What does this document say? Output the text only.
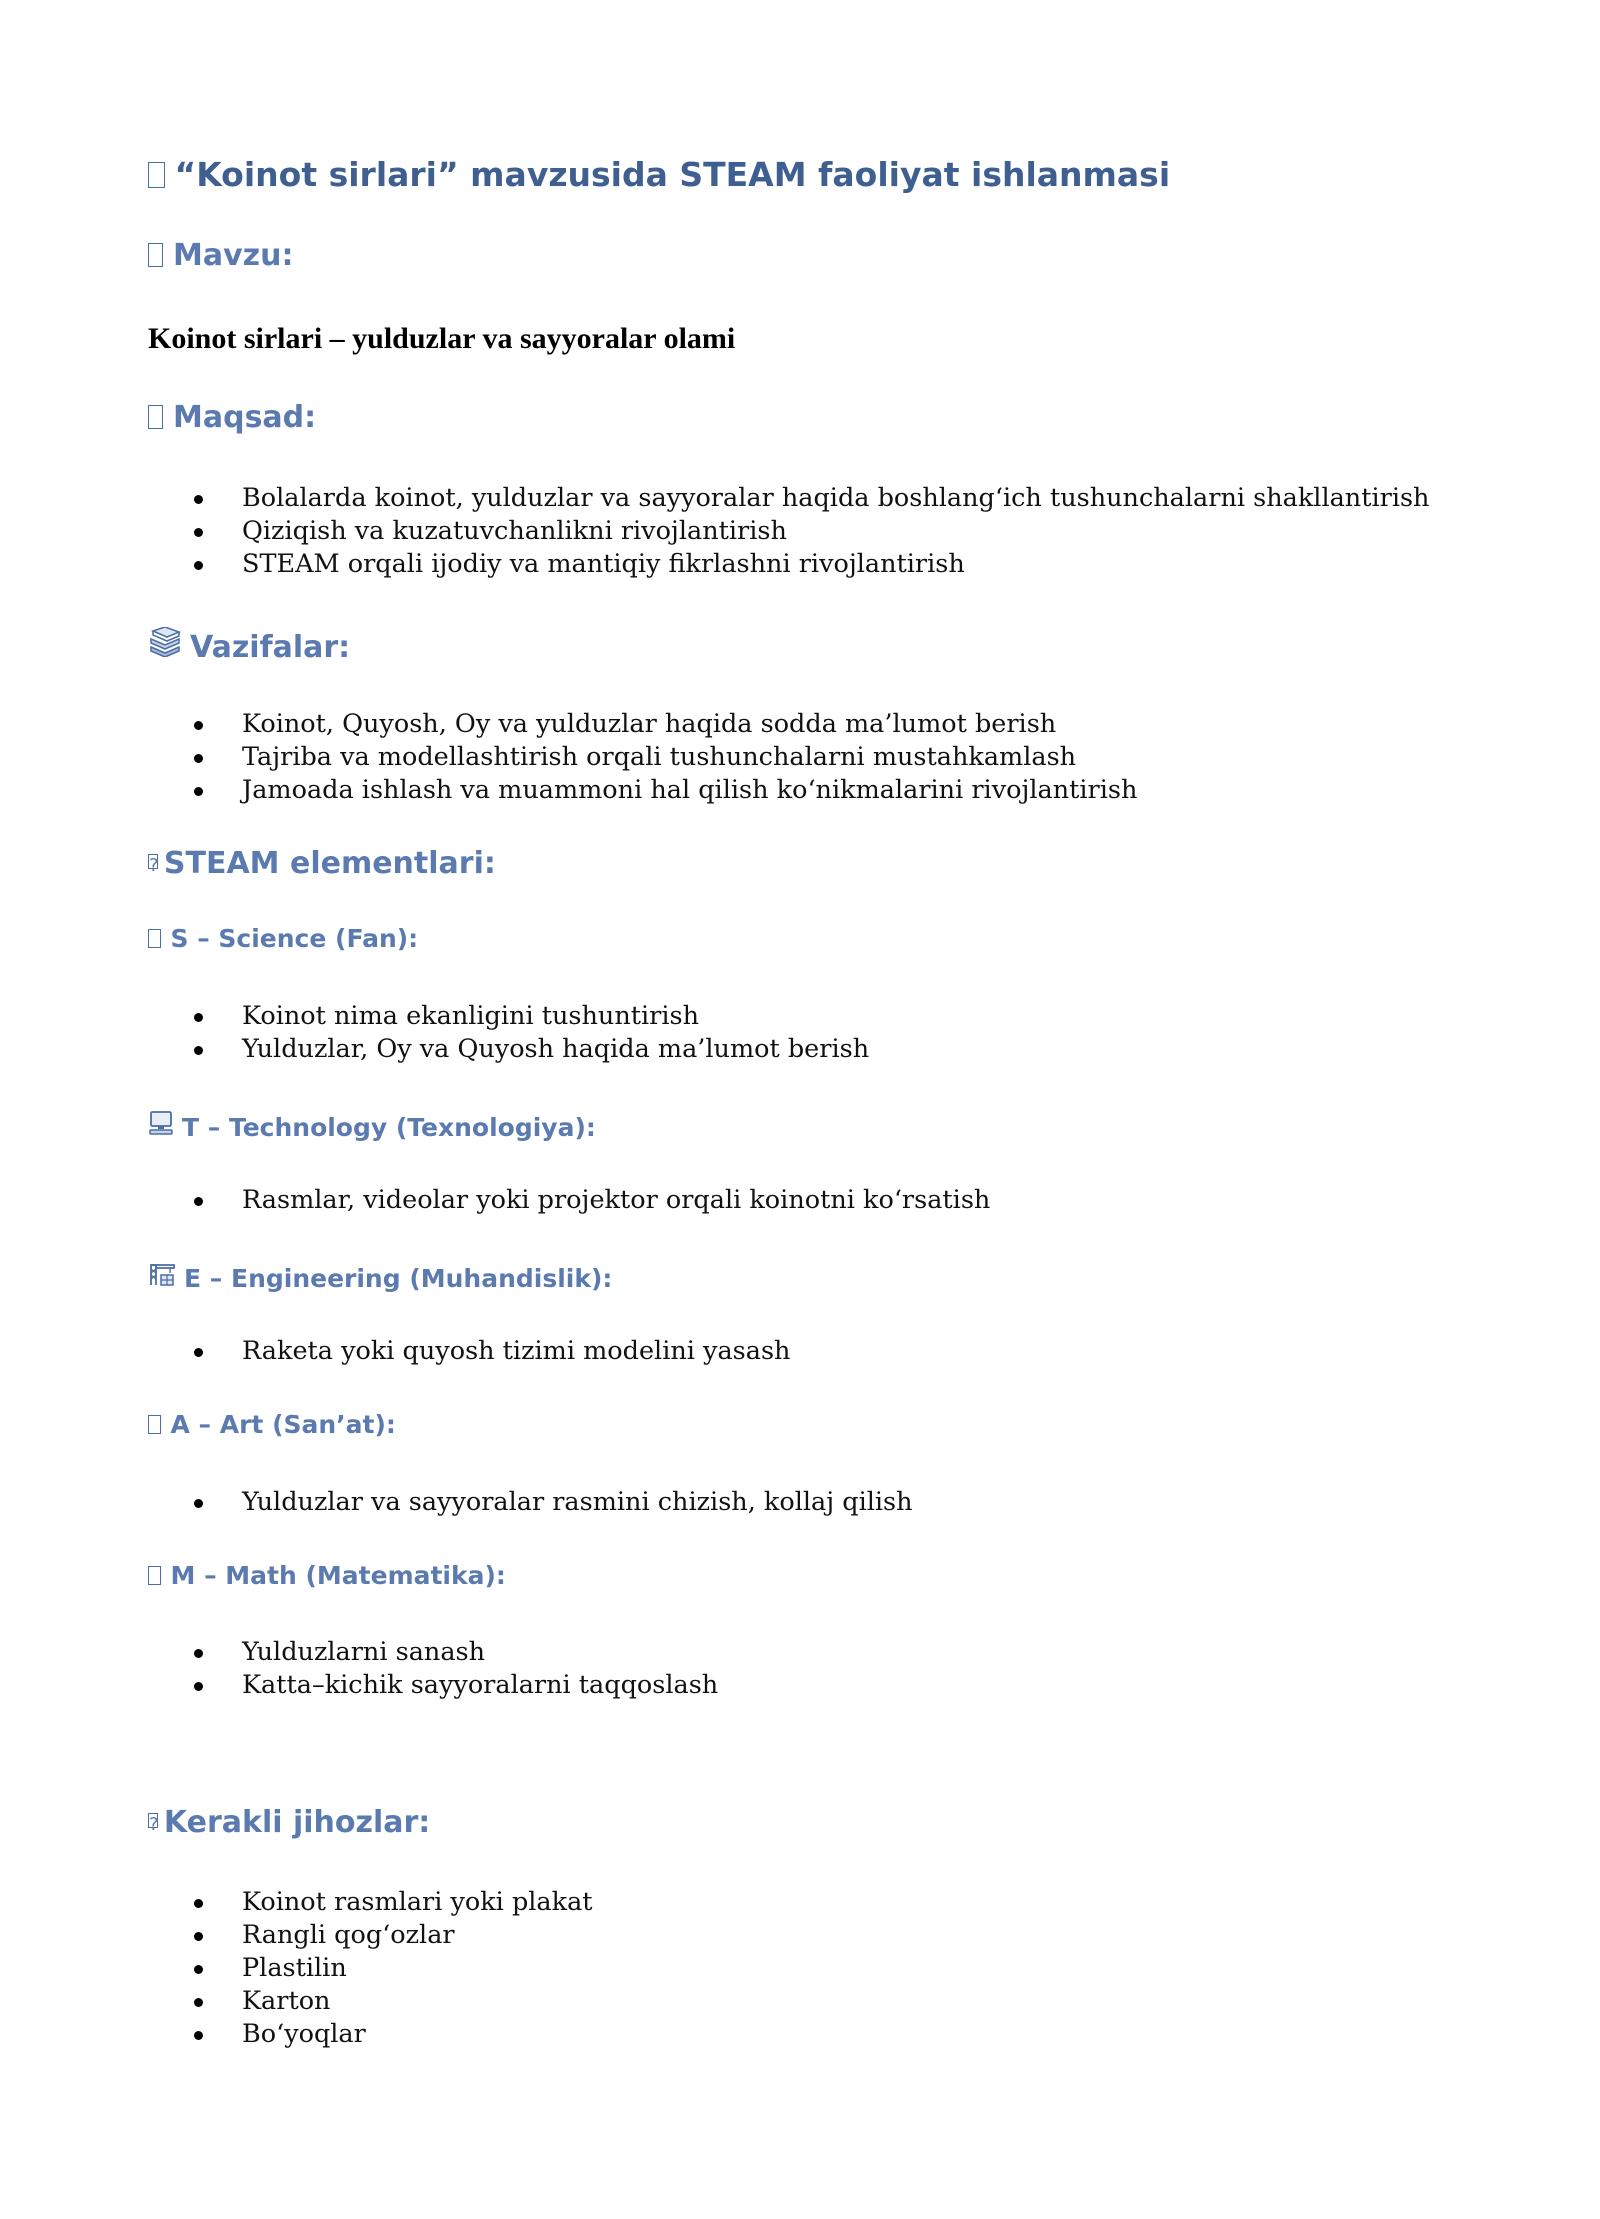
“Koinot sirlari” mavzusida STEAM faoliyat ishlanmasi
Mavzu:
Koinot sirlari – yulduzlar va sayyoralar olami
Maqsad:
Bolalarda koinot, yulduzlar va sayyoralar haqida boshlang‘ich tushunchalarni shakllantirish
Qiziqish va kuzatuvchanlikni rivojlantirish
STEAM orqali ijodiy va mantiqiy fikrlashni rivojlantirish
Vazifalar:
Koinot, Quyosh, Oy va yulduzlar haqida sodda ma’lumot berish
Tajriba va modellashtirish orqali tushunchalarni mustahkamlash
Jamoada ishlash va muammoni hal qilish ko‘nikmalarini rivojlantirish
? STEAM elementlari:
S – Science (Fan):
Koinot nima ekanligini tushuntirish
Yulduzlar, Oy va Quyosh haqida ma’lumot berish
T – Technology (Texnologiya):
Rasmlar, videolar yoki projektor orqali koinotni ko‘rsatish
E – Engineering (Muhandislik):
Raketa yoki quyosh tizimi modelini yasash
A – Art (San’at):
Yulduzlar va sayyoralar rasmini chizish, kollaj qilish
M – Math (Matematika):
Yulduzlarni sanash
Katta–kichik sayyoralarni taqqoslash
? Kerakli jihozlar:
Koinot rasmlari yoki plakat
Rangli qog‘ozlar
Plastilin
Karton
Bo‘yoqlar
